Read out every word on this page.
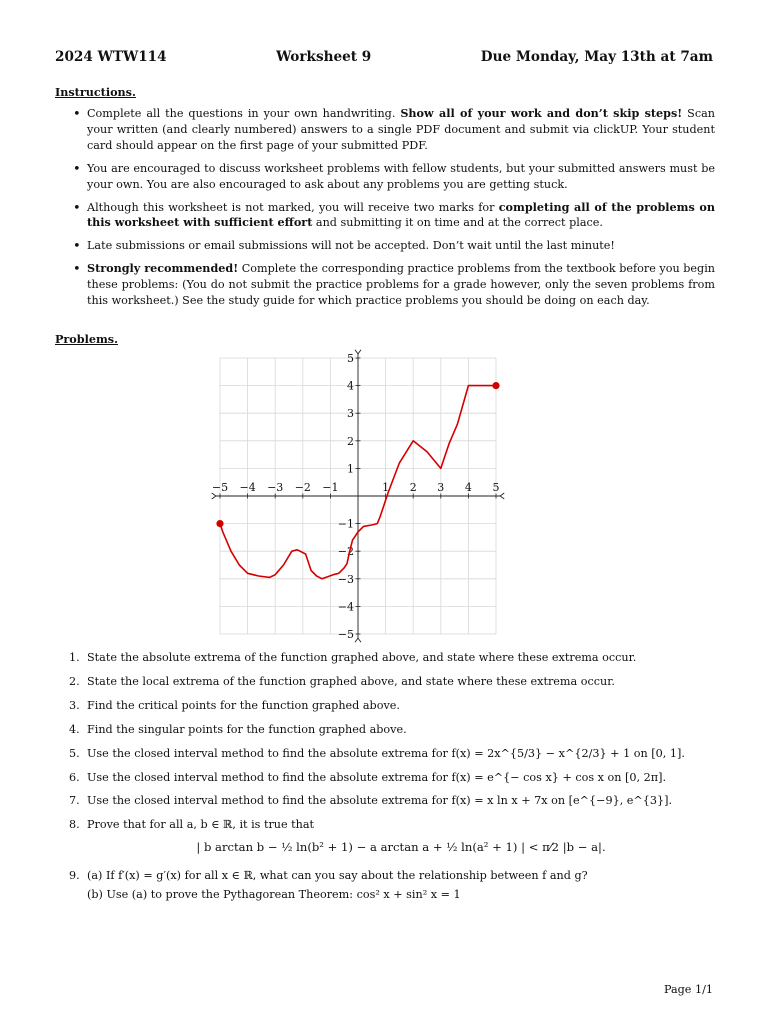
2024 WTW114	Worksheet 9	Due Monday, May 13th at 7am
Instructions.
• Complete all the questions in your own handwriting. Show all of your work and don’t skip steps! Scan your written (and clearly numbered) answers to a single PDF document and submit via clickUP. Your student card should appear on the first page of your submitted PDF.
• You are encouraged to discuss worksheet problems with fellow students, but your submitted answers must be your own. You are also encouraged to ask about any problems you are getting stuck.
• Although this worksheet is not marked, you will receive two marks for completing all of the problems on this worksheet with sufficient effort and submitting it on time and at the correct place.
• Late submissions or email submissions will not be accepted. Don’t wait until the last minute!
• Strongly recommended! Complete the corresponding practice problems from the textbook before you begin these problems: (You do not submit the practice problems for a grade however, only the seven problems from this worksheet.) See the study guide for which practice problems you should be doing on each day.
Problems.
−5 −4 −3 −2 −1	1 2 3 4 5
5
4
3
2
1
−1
−2
−3
−4
−5
1. State the absolute extrema of the function graphed above, and state where these extrema occur.
2. State the local extrema of the function graphed above, and state where these extrema occur.
3. Find the critical points for the function graphed above.
4. Find the singular points for the function graphed above.
5. Use the closed interval method to find the absolute extrema for f(x) = 2x^{5/3} − x^{2/3} + 1 on [0, 1].
6. Use the closed interval method to find the absolute extrema for f(x) = e^{− cos x} + cos x on [0, 2π].
7. Use the closed interval method to find the absolute extrema for f(x) = x ln x + 7x on [e^{−9}, e^{3}].
8. Prove that for all a, b ∈ ℝ, it is true that
| b arctan b − ½ ln(b² + 1) − a arctan a + ½ ln(a² + 1) | < π⁄2 |b − a|.
9. (a) If f′(x) = g′(x) for all x ∈ ℝ, what can you say about the relationship between f and g?
(b) Use (a) to prove the Pythagorean Theorem: cos² x + sin² x = 1
Page 1/1
